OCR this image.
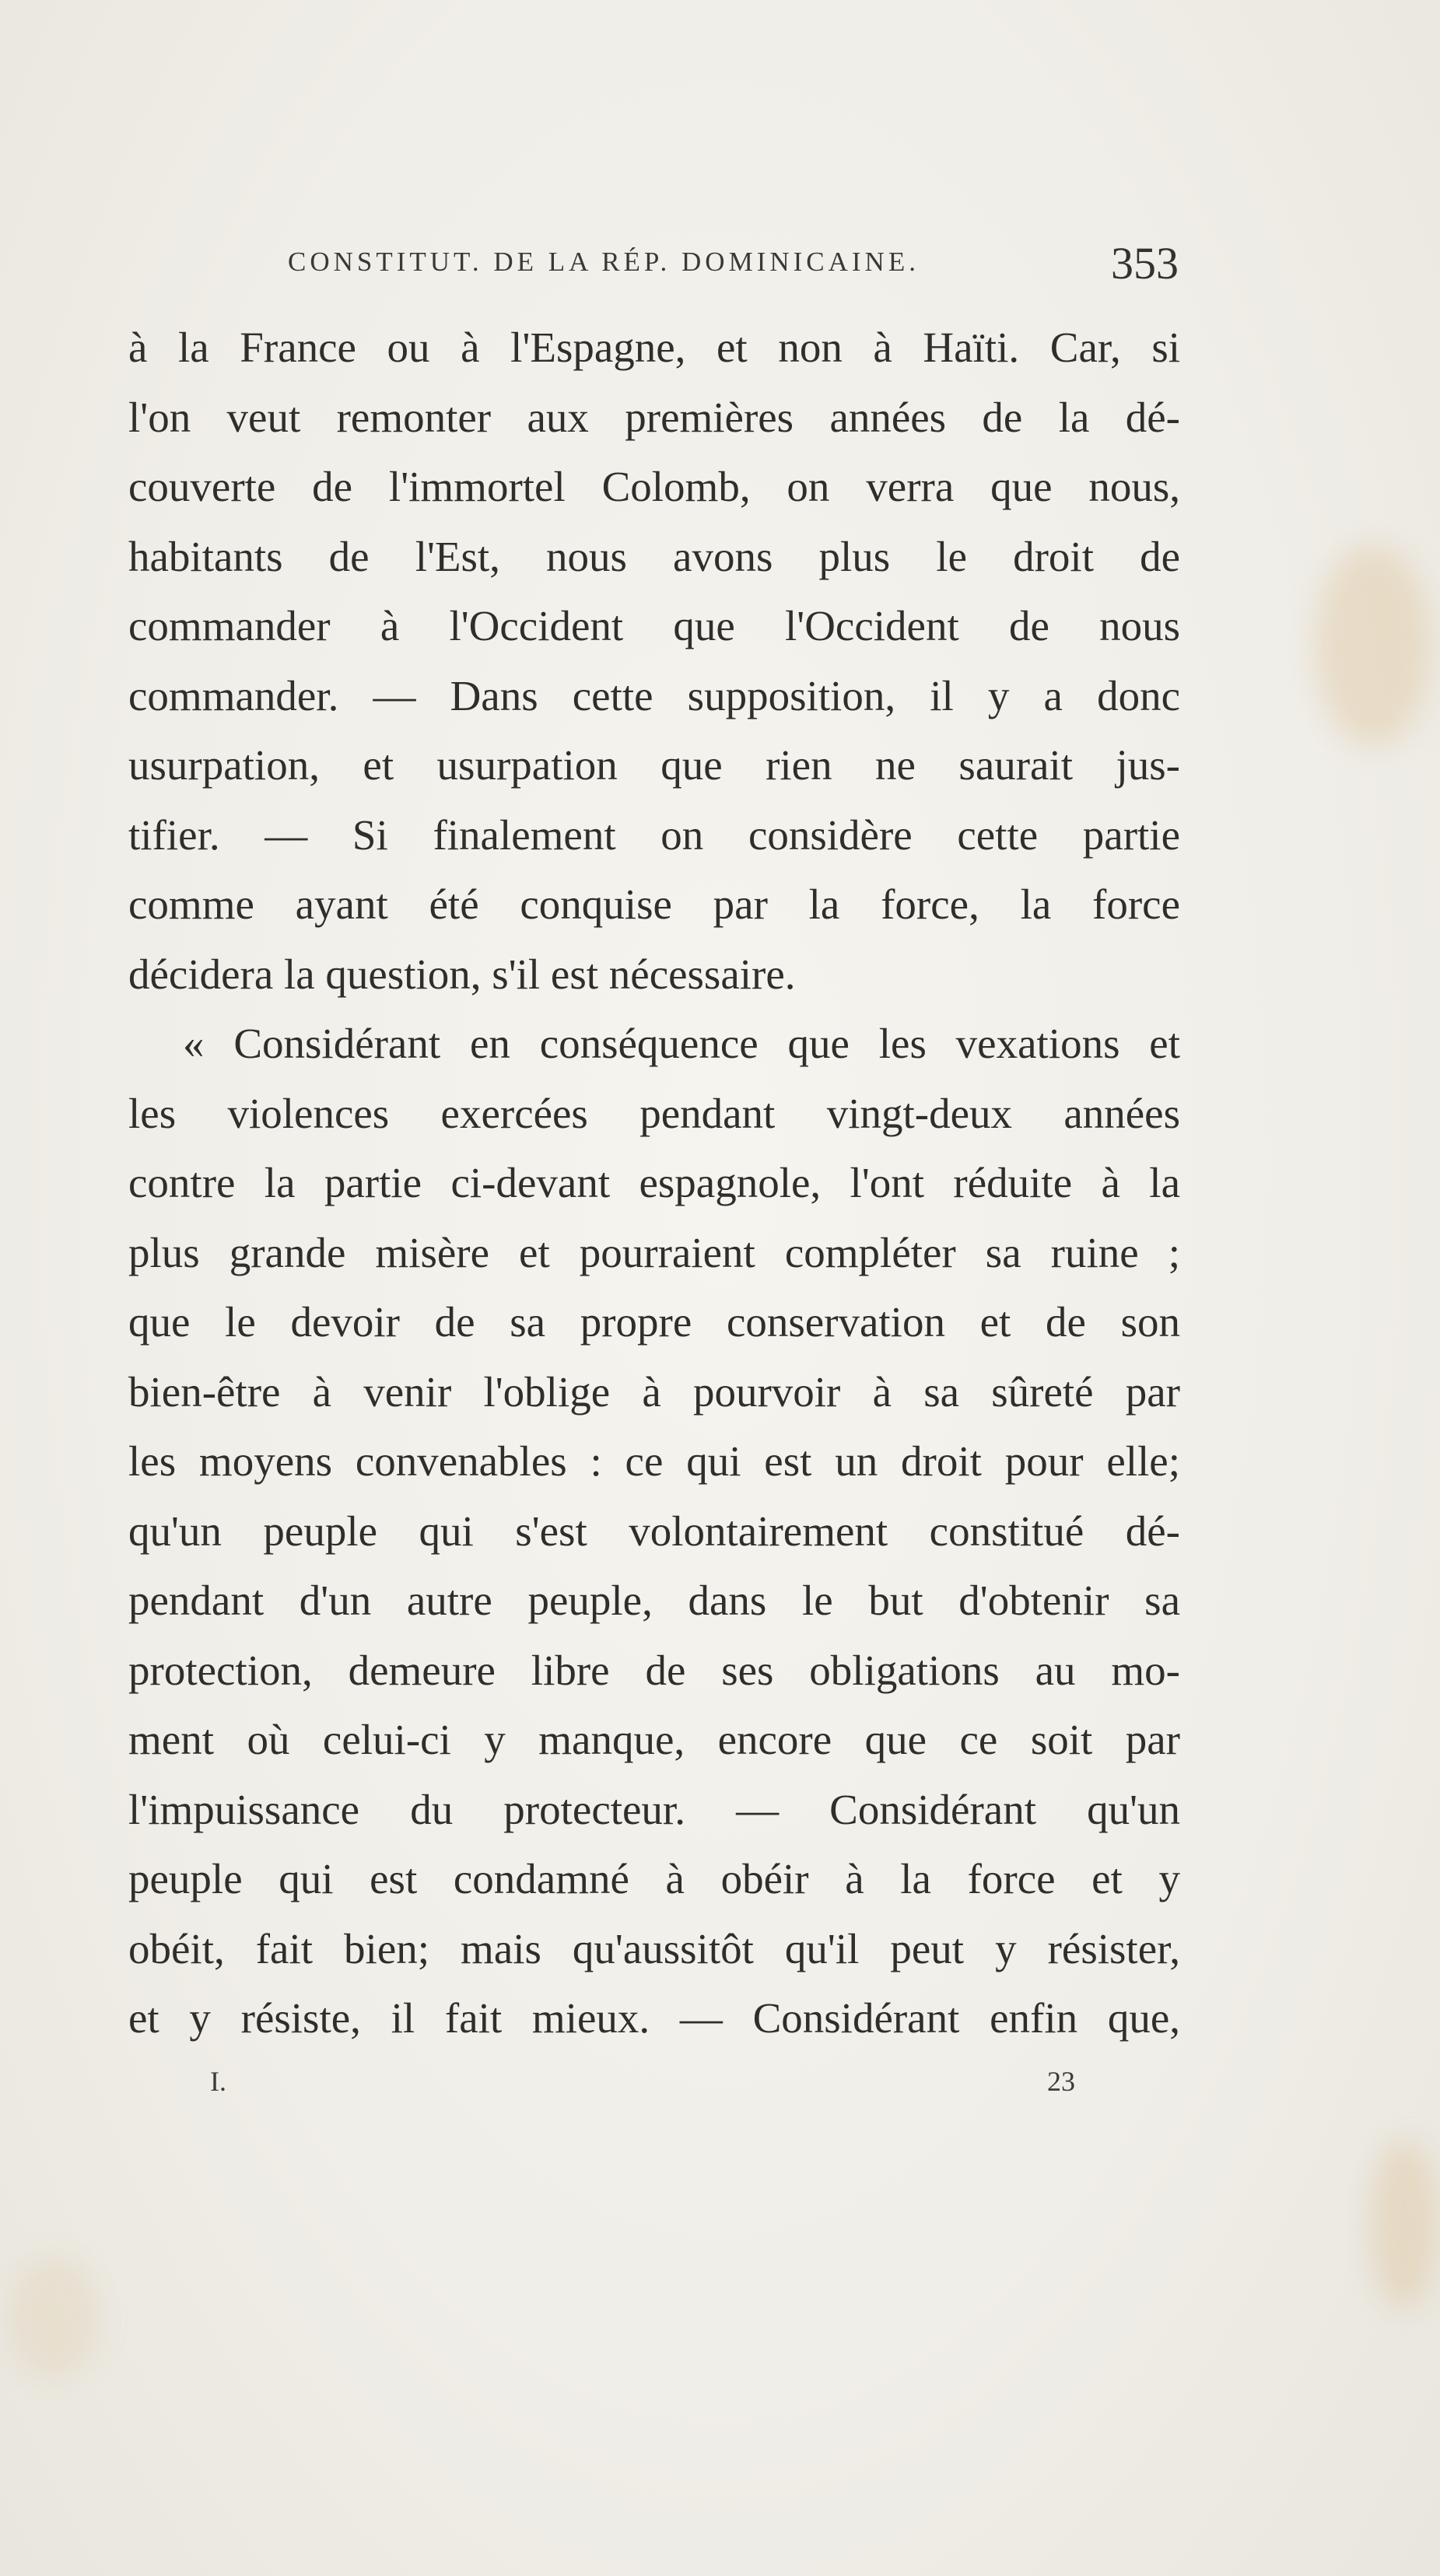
CONSTITUT. DE LA RÉP. DOMINICAINE.	353
à la France ou à l'Espagne, et non à Haïti. Car, si
l'on veut remonter aux premières années de la dé-
couverte de l'immortel Colomb, on verra que nous,
habitants de l'Est, nous avons plus le droit de
commander à l'Occident que l'Occident de nous
commander. — Dans cette supposition, il y a donc
usurpation, et usurpation que rien ne saurait jus-
tifier. — Si finalement on considère cette partie
comme ayant été conquise par la force, la force
décidera la question, s'il est nécessaire.
« Considérant en conséquence que les vexations et
les violences exercées pendant vingt-deux années
contre la partie ci-devant espagnole, l'ont réduite à la
plus grande misère et pourraient compléter sa ruine ;
que le devoir de sa propre conservation et de son
bien-être à venir l'oblige à pourvoir à sa sûreté par
les moyens convenables : ce qui est un droit pour elle;
qu'un peuple qui s'est volontairement constitué dé-
pendant d'un autre peuple, dans le but d'obtenir sa
protection, demeure libre de ses obligations au mo-
ment où celui-ci y manque, encore que ce soit par
l'impuissance du protecteur. — Considérant qu'un
peuple qui est condamné à obéir à la force et y
obéit, fait bien; mais qu'aussitôt qu'il peut y résister,
et y résiste, il fait mieux. — Considérant enfin que,
I.	23
